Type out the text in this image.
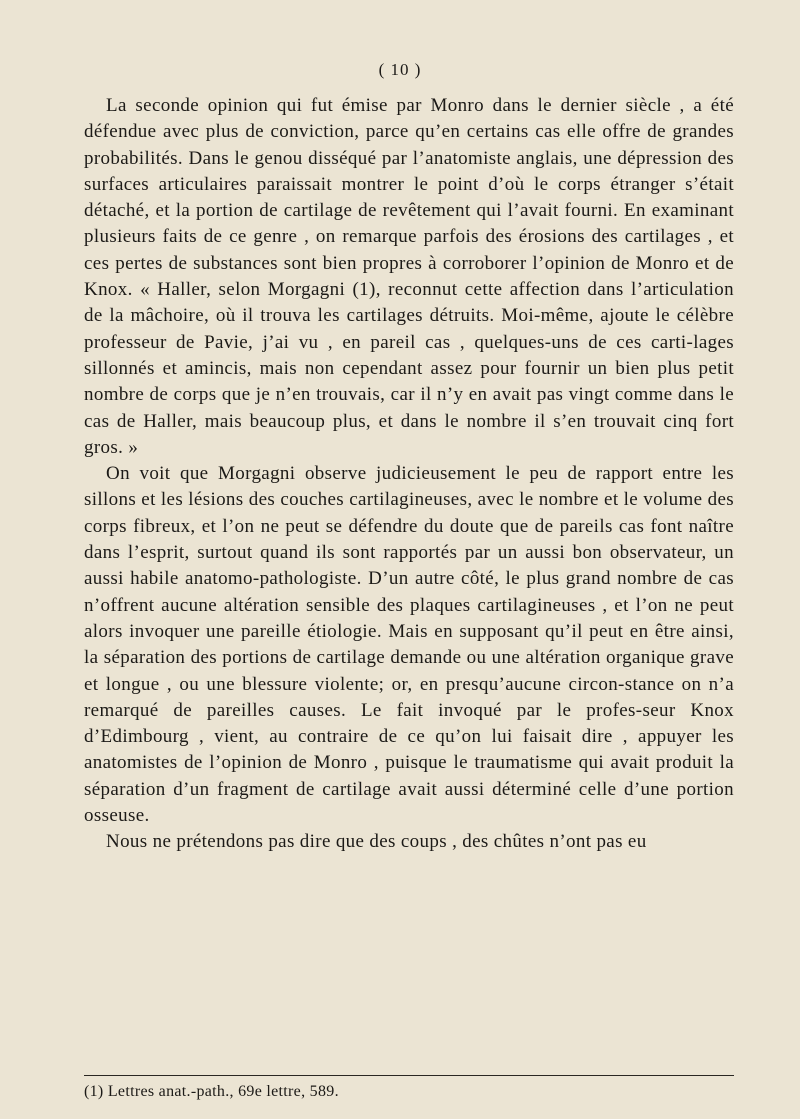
( 10 )

La seconde opinion qui fut émise par Monro dans le dernier siècle , a été défendue avec plus de conviction, parce qu’en certains cas elle offre de grandes probabilités. Dans le genou disséqué par l’anatomiste anglais, une dépression des surfaces articulaires paraissait montrer le point d’où le corps étranger s’était détaché, et la portion de cartilage de revêtement qui l’avait fourni. En examinant plusieurs faits de ce genre , on remarque parfois des érosions des cartilages , et ces pertes de substances sont bien propres à corroborer l’opinion de Monro et de Knox. « Haller, selon Morgagni (1), reconnut cette affection dans l’articulation de la mâchoire, où il trouva les cartilages détruits. Moi-même, ajoute le célèbre professeur de Pavie, j’ai vu , en pareil cas , quelques-uns de ces carti-lages sillonnés et amincis, mais non cependant assez pour fournir un bien plus petit nombre de corps que je n’en trouvais, car il n’y en avait pas vingt comme dans le cas de Haller, mais beaucoup plus, et dans le nombre il s’en trouvait cinq fort gros. »

On voit que Morgagni observe judicieusement le peu de rapport entre les sillons et les lésions des couches cartilagineuses, avec le nombre et le volume des corps fibreux, et l’on ne peut se défendre du doute que de pareils cas font naître dans l’esprit, surtout quand ils sont rapportés par un aussi bon observateur, un aussi habile anatomo-pathologiste. D’un autre côté, le plus grand nombre de cas n’offrent aucune altération sensible des plaques cartilagineuses , et l’on ne peut alors invoquer une pareille étiologie. Mais en supposant qu’il peut en être ainsi, la séparation des portions de cartilage demande ou une altération organique grave et longue , ou une blessure violente; or, en presqu’aucune circon-stance on n’a remarqué de pareilles causes. Le fait invoqué par le profes-seur Knox d’Edimbourg , vient, au contraire de ce qu’on lui faisait dire , appuyer les anatomistes de l’opinion de Monro , puisque le traumatisme qui avait produit la séparation d’un fragment de cartilage avait aussi déterminé celle d’une portion osseuse.

Nous ne prétendons pas dire que des coups , des chûtes n’ont pas eu

(1) Lettres anat.-path., 69e lettre, 589.
